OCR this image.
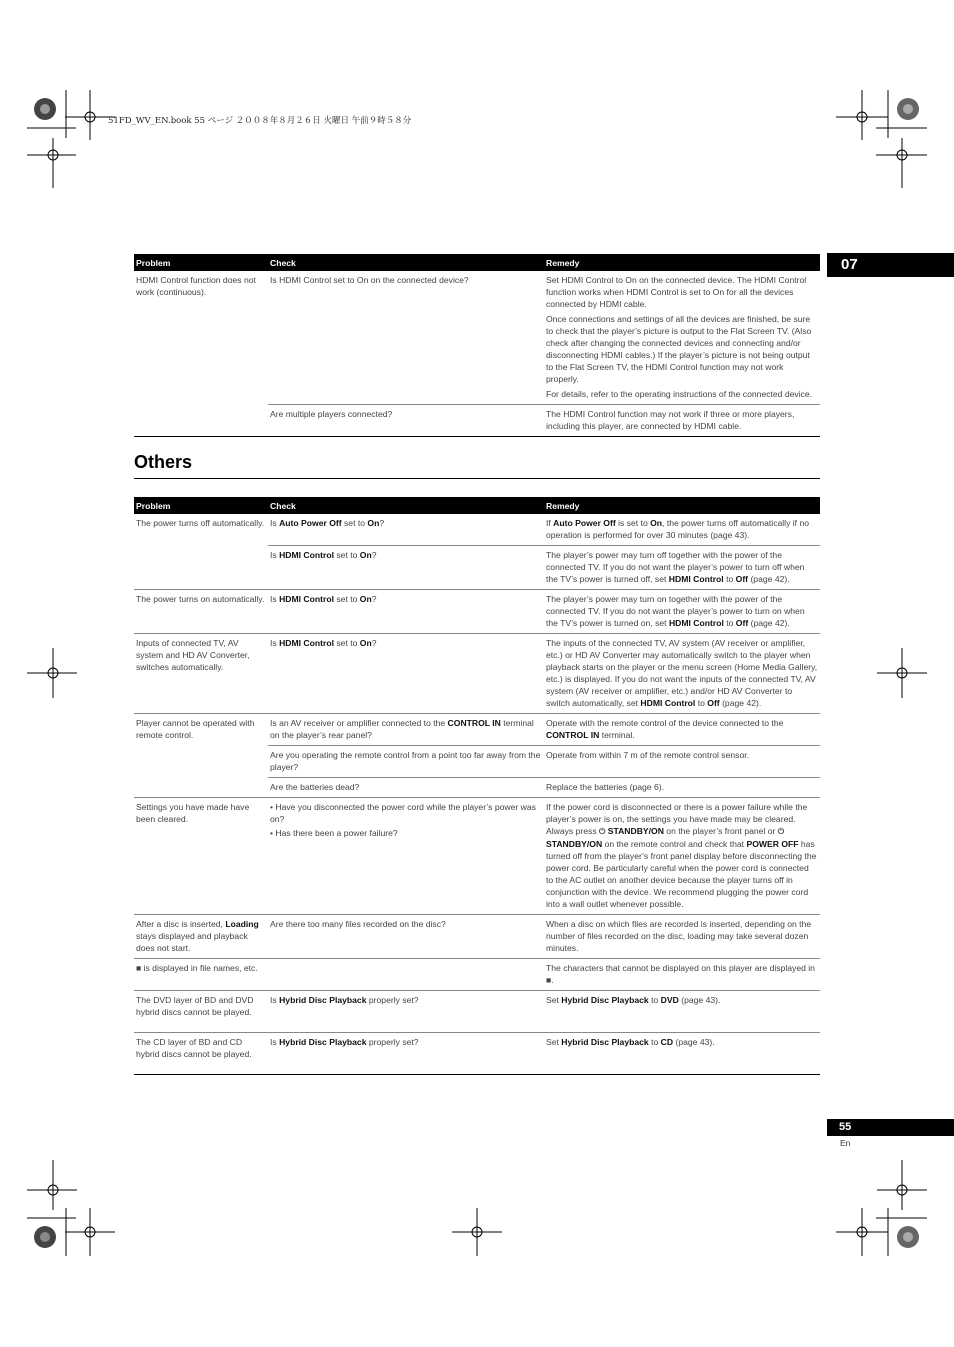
51FD_WV_EN.book 55 ページ ２００８年８月２６日 火曜日 午前９時５８分
07
Problem	Check	Remedy
HDMI Control function does not work (continuous).	Is HDMI Control set to On on the connected device?	Set HDMI Control to On on the connected device. The HDMI Control function works when HDMI Control is set to On for all the devices connected by HDMI cable.

Once connections and settings of all the devices are finished, be sure to check that the player’s picture is output to the Flat Screen TV. (Also check after changing the connected devices and connecting and/or disconnecting HDMI cables.) If the player’s picture is not being output to the Flat Screen TV, the HDMI Control function may not work properly.

For details, refer to the operating instructions of the connected device.

	Are multiple players connected?	The HDMI Control function may not work if three or more players, including this player, are connected by HDMI cable.
Others
Problem	Check	Remedy
The power turns off automatically.	Is Auto Power Off set to On?	If Auto Power Off is set to On, the power turns off automatically if no operation is performed for over 30 minutes (page 43).
	Is HDMI Control set to On?	The player’s power may turn off together with the power of the connected TV. If you do not want the player’s power to turn off when the TV’s power is turned off, set HDMI Control to Off (page 42).
The power turns on automatically.	Is HDMI Control set to On?	The player’s power may turn on together with the power of the connected TV. If you do not want the player’s power to turn on when the TV’s power is turned on, set HDMI Control to Off (page 42).
Inputs of connected TV, AV system and HD AV Converter, switches automatically.	Is HDMI Control set to On?	The inputs of the connected TV, AV system (AV receiver or amplifier, etc.) or HD AV Converter may automatically switch to the player when playback starts on the player or the menu screen (Home Media Gallery, etc.) is displayed. If you do not want the inputs of the connected TV, AV system (AV receiver or amplifier, etc.) and/or HD AV Converter to switch automatically, set HDMI Control to Off (page 42).
Player cannot be operated with remote control.	Is an AV receiver or amplifier connected to the CONTROL IN terminal on the player’s rear panel?	Operate with the remote control of the device connected to the CONTROL IN terminal.
	Are you operating the remote control from a point too far away from the player?	Operate from within 7 m of the remote control sensor.
	Are the batteries dead?	Replace the batteries (page 6).
Settings you have made have been cleared.	• Have you disconnected the power cord while the player’s power was on?

• Has there been a power failure?	If the power cord is disconnected or there is a power failure while the player’s power is on, the settings you have made may be cleared. Always press ⏻ STANDBY/ON on the player’s front panel or ⏻ STANDBY/ON on the remote control and check that POWER OFF has turned off from the player’s front panel display before disconnecting the power cord. Be particularly careful when the power cord is connected to the AC outlet on another device because the player turns off in conjunction with the device. We recommend plugging the power cord into a wall outlet whenever possible.
After a disc is inserted, Loading stays displayed and playback does not start.	Are there too many files recorded on the disc?	When a disc on which files are recorded is inserted, depending on the number of files recorded on the disc, loading may take several dozen minutes.
■ is displayed in file names, etc.		The characters that cannot be displayed on this player are displayed in ■.
The DVD layer of BD and DVD hybrid discs cannot be played.	Is Hybrid Disc Playback properly set?	Set Hybrid Disc Playback to DVD (page 43).
The CD layer of BD and CD hybrid discs cannot be played.	Is Hybrid Disc Playback properly set?	Set Hybrid Disc Playback to CD (page 43).
55
En
